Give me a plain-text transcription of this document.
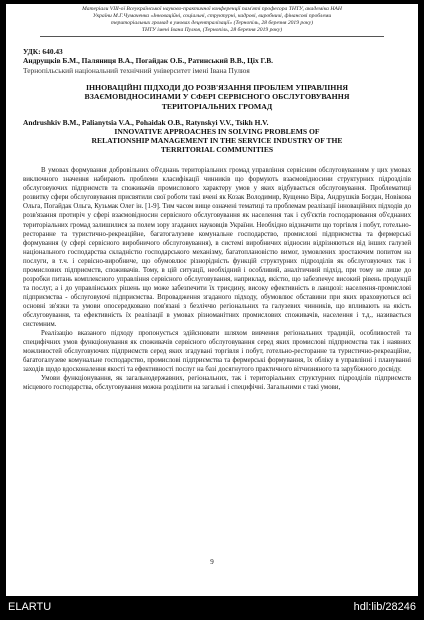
Матеріали VIII-ої Всеукраїнської науково-практичної конференції пам'яті професора ТНТУ, академіка НАН
України М.Г.Чумаченка «Інноваційні, соціальні, структурні, кадрові, виробничі, фінансові проблеми
територіальних громад в умовах децентралізації» (Тернопіль, 28 березня 2019 року)
ТНТУ імені Івана Пулюя, (Тернопіль, 28 березня 2019 року)
УДК: 640.43
Андрущків Б.М., Паляниця В.А., Погайдак О.Б., Ратинський В.В., Ціх Г.В.
Тернопільський національний технічний університет імені Івана Пулюя
ІННОВАЦІЙНІ ПІДХОДИ ДО РОЗВ'ЯЗАННЯ ПРОБЛЕМ УПРАВЛІННЯ
ВЗАЄМОВІДНОСИНАМИ У СФЕРІ СЕРВІСНОГО ОБСЛУГОВУВАННЯ
ТЕРИТОРІАЛЬНИХ ГРОМАД
Andrushkiv B.M., Palianytsia V.A., Pohaidak O.B., Ratynskyi V.V., Tsikh H.V.
INNOVATIVE APPROACHES IN SOLVING PROBLEMS OF
RELATIONSHIP MANAGEMENT IN THE SERVICE INDUSTRY OF THE
TERRITORIAL COMMUNITIES

В умовах формування добровільних об'єднань територіальних громад управління сервісним обслуговуванням у цих умовах виключного значення набирають проблеми класифікації чинників що формують взаємовідносини структурних підрозділів обслуговуючих підприємств та споживачів промислового характеру умов у яких відбувається обслуговування. Проблематиці розвитку сфери обслуговування присвятили свої роботи такі вчені як Козак Володимир, Кущенко Віра, Андрушків Богдан, Новікова Ольга, Погайдак Ольга, Кузьмак Олег ін. [1-9]. Тим часом вище означені тематиці та проблемам реалізації інноваційних підходів до розв'язання протиріч у сфері взаємовідносин сервісного обслуговування як населення так і суб'єктів господарювання об'єднаних територіальних громад залишилися за полем зору згаданих науковців України. Необхідно відзначити що торгівля і побут, готельно-ресторанне та туристично-рекреаційне, багатогалузеве комунальне господарство, промислові підприємства та фермерські формування (у сфері сервісного виробничого обслуговування), в системі виробничих відносин відрізняються від інших галузей національного господарства складністю господарського механізму, багатоплановістю вимог, зумовлених зростаючим попитом на послуги, в т.ч. і сервісно-виробниче, що обумовлює різнорідність функцій структурних підрозділів як обслуговуючих так і промислових підприємств, споживачів. Тому, в цій ситуації, необхідний і особливий, аналітичний підхід, при тому не лише до розробки питань комплексного управління сервісного обслуговування, наприклад, якістю, що забезпечує високий рівень продукції та послуг, а і до управлінських рішень що може забезпечити їх триєдину, високу ефективність в ланцюзі: населення-промислові підприємства - обслуговуючі підприємства. Впровадження згаданого підходу, обумовлює обставини при яких враховуються всі основні зв'язки та умови опосередковано пов'язані з безліччю регіональних та галузевих чинників, що впливають на якість обслуговування, та ефективність їх реалізації в умовах різноманітних промислових споживачів, населення і т.д., називається системним.

Реалізацію вказаного підходу пропонується здійснювати шляхом вивчення регіональних традицій, особливостей та специфічних умов функціонування як споживачів сервісного обслуговування серед яких промислові підприємства так і наявних можливостей обслуговуючих підприємств серед яких згадувані торгівля і побут, готельно-ресторанне та туристично-рекреаційне, багатогалузеве комунальне господарство, промислові підприємства та фермерські формування, їх обліку в управлінні і плануванні заходів щодо вдосконалення якості та ефективності послуг на базі досягнутого практичного вітчизняного та зарубіжного досвіду.

Умови функціонування, як загальнодержавних, регіональних, так і територіальних структурних підрозділів підприємств місцевого господарства, обслуговування можна розділити на загальні і специфічні. Загальними є такі умови,

9
ELARTU	hdl:lib/28246
